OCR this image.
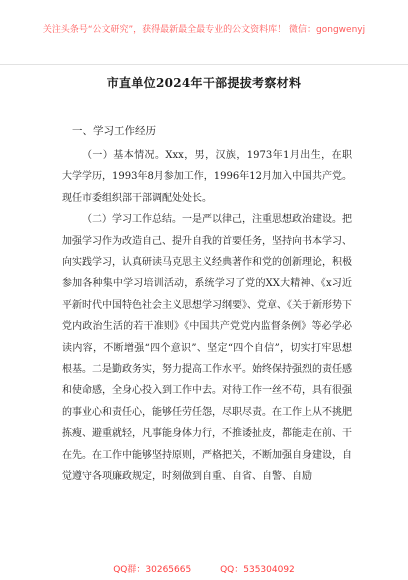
关注头条号“公文研究”，获得最新最全最专业的公文资料库！ 微信：gongwenyj
市直单位2024年干部提拔考察材料
一、学习工作经历

（一）基本情况。Xxx，男，汉族，1973年1月出生，在职大学学历，1993年8月参加工作，1996年12月加入中国共产党。现任市委组织部干部调配处处长。

（二）学习工作总结。一是严以律己，注重思想政治建设。把加强学习作为改造自己、提升自我的首要任务，坚持向书本学习、向实践学习，认真研读马克思主义经典著作和党的创新理论，积极参加各种集中学习培训活动，系统学习了党的XX大精神、《x习近平新时代中国特色社会主义思想学习纲要》、党章、《关于新形势下党内政治生活的若干准则》《中国共产党党内监督条例》等必学必读内容，不断增强“四个意识”、坚定“四个自信”，切实打牢思想根基。二是勤政务实，努力提高工作水平。始终保持强烈的责任感和使命感，全身心投入到工作中去。对待工作一丝不苟，具有很强的事业心和责任心，能够任劳任怨，尽职尽责。在工作上从不挑肥拣瘦、避重就轻，凡事能身体力行，不推诿扯皮，都能走在前、干在先。在工作中能够坚持原则，严格把关，不断加强自身建设，自觉遵守各项廉政规定，时刻做到自重、自省、自警、自励

QQ群：30265665	QQ：535304092
